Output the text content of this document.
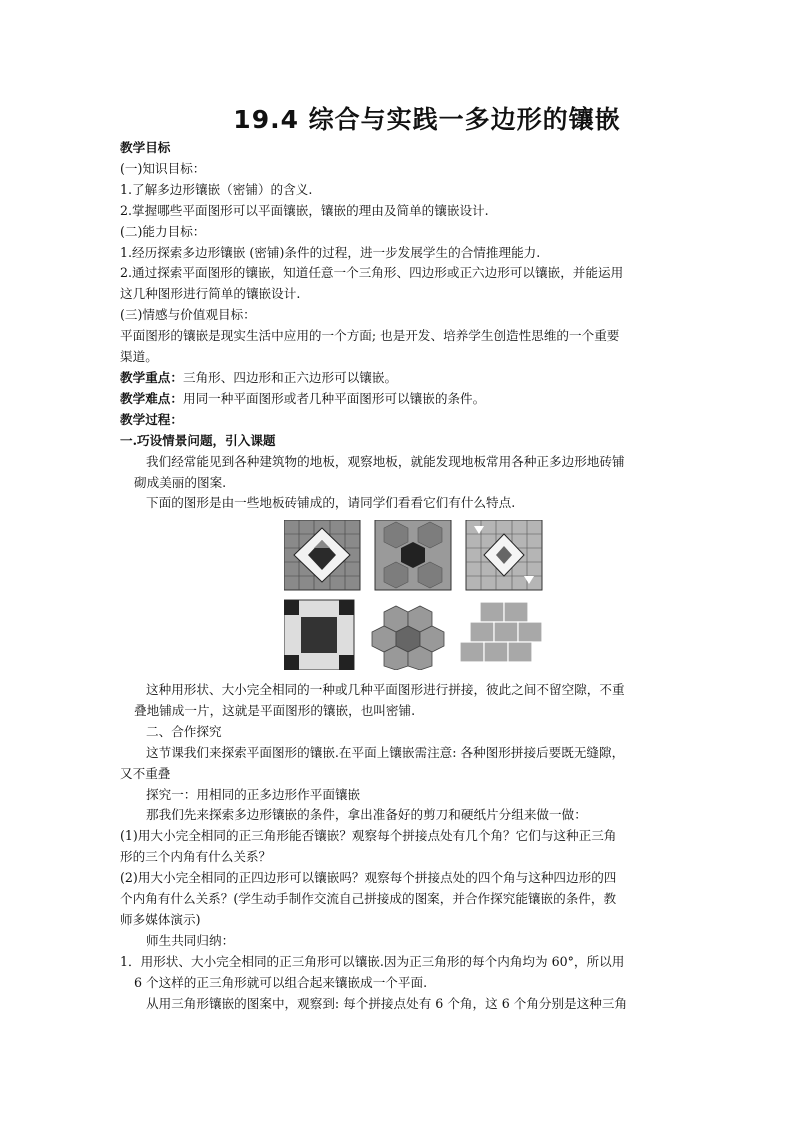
19.4 综合与实践一多边形的镶嵌
教学目标
(一)知识目标：
1.了解多边形镶嵌（密铺）的含义.
2.掌握哪些平面图形可以平面镶嵌，镶嵌的理由及简单的镶嵌设计.
(二)能力目标：
1.经历探索多边形镶嵌 (密铺)条件的过程，进一步发展学生的合情推理能力.
2.通过探索平面图形的镶嵌，知道任意一个三角形、四边形或正六边形可以镶嵌，并能运用
这几种图形进行简单的镶嵌设计.
(三)情感与价值观目标：
平面图形的镶嵌是现实生活中应用的一个方面; 也是开发、培养学生创造性思维的一个重要
渠道。
教学重点：三角形、四边形和正六边形可以镶嵌。
教学难点：用同一种平面图形或者几种平面图形可以镶嵌的条件。
教学过程：
一.巧设情景问题，引入课题
我们经常能见到各种建筑物的地板，观察地板，就能发现地板常用各种正多边形地砖铺
砌成美丽的图案.
下面的图形是由一些地板砖铺成的，请同学们看看它们有什么特点.
这种用形状、大小完全相同的一种或几种平面图形进行拼接，彼此之间不留空隙，不重
叠地铺成一片，这就是平面图形的镶嵌，也叫密铺.
二、合作探究
这节课我们来探索平面图形的镶嵌.在平面上镶嵌需注意: 各种图形拼接后要既无缝隙，
又不重叠
探究一：用相同的正多边形作平面镶嵌
那我们先来探索多边形镶嵌的条件，拿出准备好的剪刀和硬纸片分组来做一做：
(1)用大小完全相同的正三角形能否镶嵌？观察每个拼接点处有几个角？它们与这种正三角
形的三个内角有什么关系？
(2)用大小完全相同的正四边形可以镶嵌吗？观察每个拼接点处的四个角与这种四边形的四
个内角有什么关系？(学生动手制作交流自己拼接成的图案，并合作探究能镶嵌的条件，教
师多媒体演示)
师生共同归纳：
1．用形状、大小完全相同的正三角形可以镶嵌.因为正三角形的每个内角均为 60°，所以用
6 个这样的正三角形就可以组合起来镶嵌成一个平面.
从用三角形镶嵌的图案中，观察到: 每个拼接点处有 6 个角，这 6 个角分别是这种三角
